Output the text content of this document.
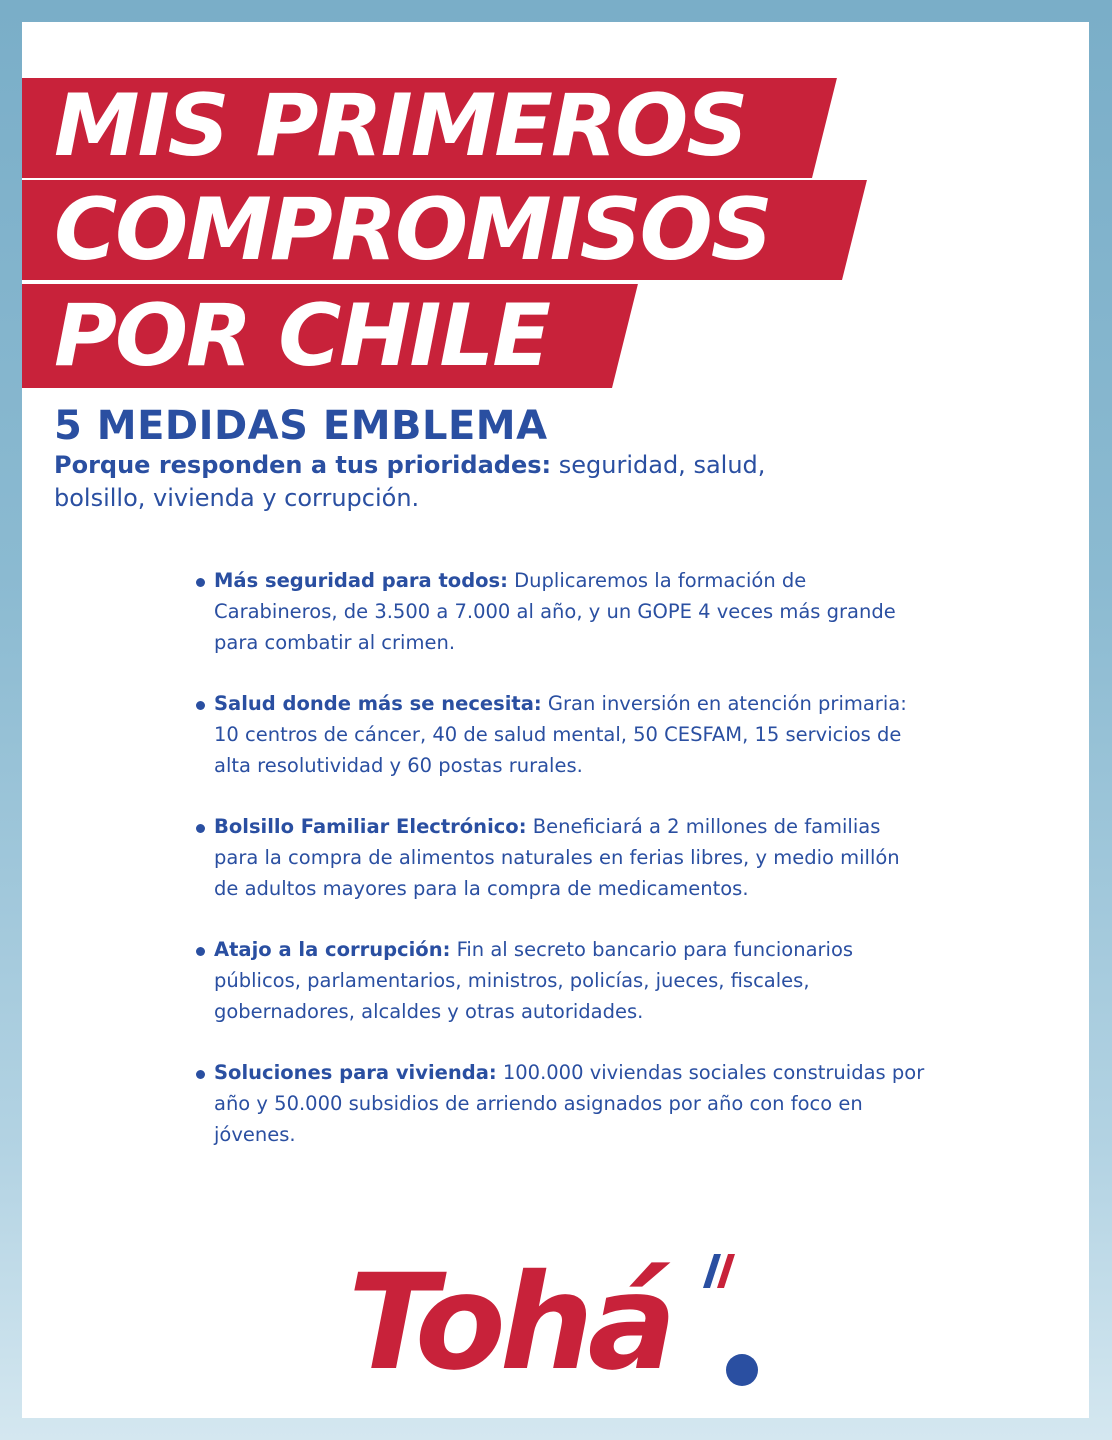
MIS PRIMEROS
COMPROMISOS
POR CHILE
5 MEDIDAS EMBLEMA

Porque responden a tus prioridades: seguridad, salud, bolsillo, vivienda y corrupción.

Más seguridad para todos: Duplicaremos la formación de Carabineros, de 3.500 a 7.000 al año, y un GOPE 4 veces más grande para combatir al crimen.
Salud donde más se necesita: Gran inversión en atención primaria: 10 centros de cáncer, 40 de salud mental, 50 CESFAM, 15 servicios de alta resolutividad y 60 postas rurales.
Bolsillo Familiar Electrónico: Beneficiará a 2 millones de familias para la compra de alimentos naturales en ferias libres, y medio millón de adultos mayores para la compra de medicamentos.
Atajo a la corrupción: Fin al secreto bancario para funcionarios públicos, parlamentarios, ministros, policías, jueces, fiscales, gobernadores, alcaldes y otras autoridades.
Soluciones para vivienda: 100.000 viviendas sociales construidas por año y 50.000 subsidios de arriendo asignados por año con foco en jóvenes.

Tohá
